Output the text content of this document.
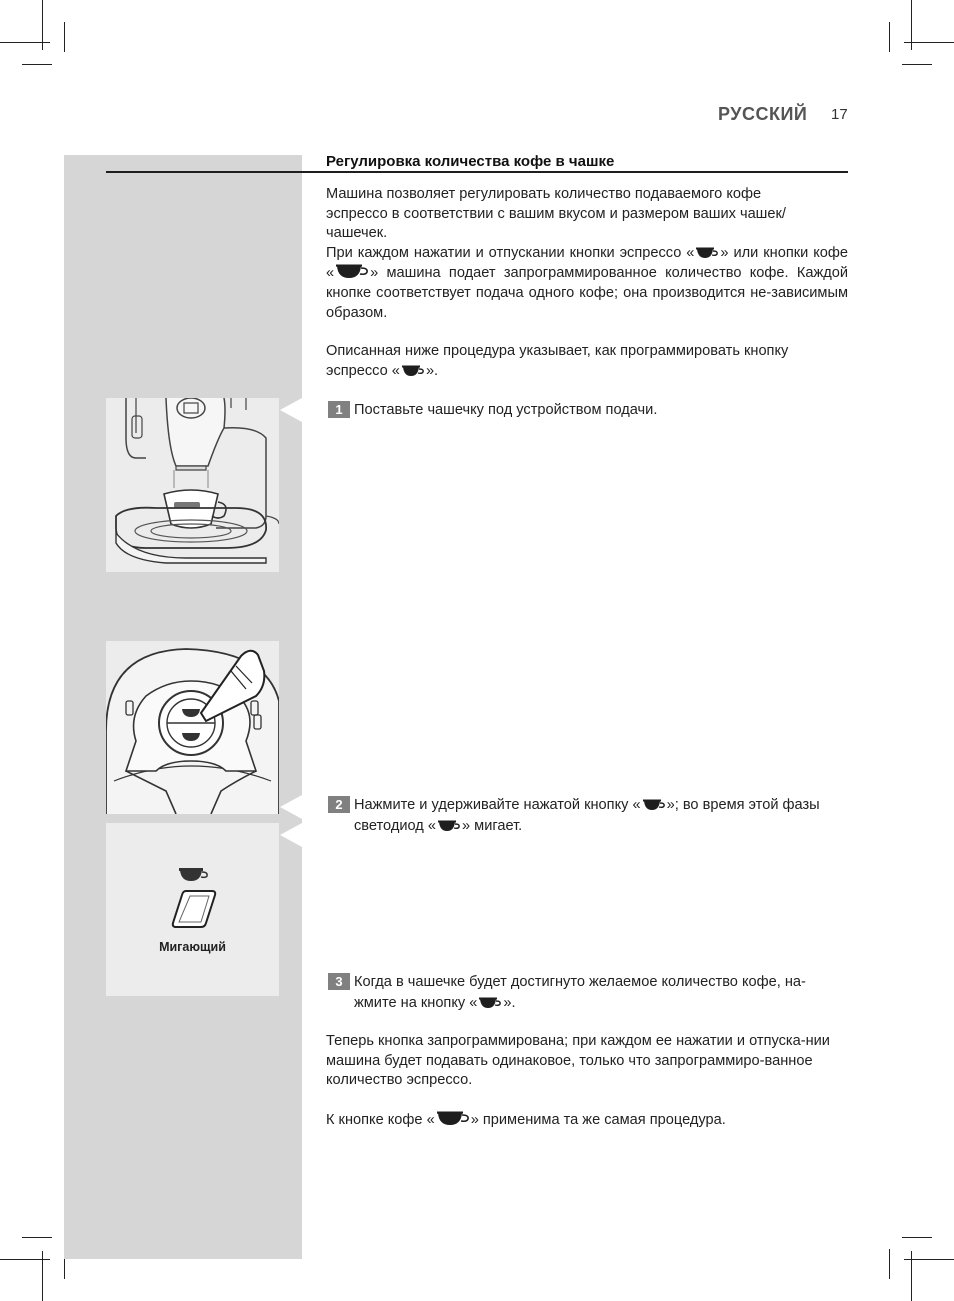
РУССКИЙ 17
Регулировка количества кофе в чашке

Машина позволяет регулировать количество подаваемого кофе

эспрессо в соответствии с вашим вкусом и размером ваших чашек/

чашечек.

При каждом нажатии и отпускании кнопки эспрессо « » или кнопки кофе « » машина подает запрограммированное количество кофе. Каждой кнопке соответствует подача одного кофе; она производится не-зависимым образом.

Описанная ниже процедура указывает, как программировать кнопку эспрессо « ».

1 Поставьте чашечку под устройством подачи.
2 Нажмите и удерживайте нажатой кнопку « »; во время этой фазы светодиод « » мигает.
3 Когда в чашечке будет достигнуто желаемое количество кофе, на-жмите на кнопку « ».

Теперь кнопка запрограммирована; при каждом ее нажатии и отпуска-нии машина будет подавать одинаковое, только что запрограммиро-ванное количество эспрессо.

К кнопке кофе « » применима та же самая процедура.

Мигающий
